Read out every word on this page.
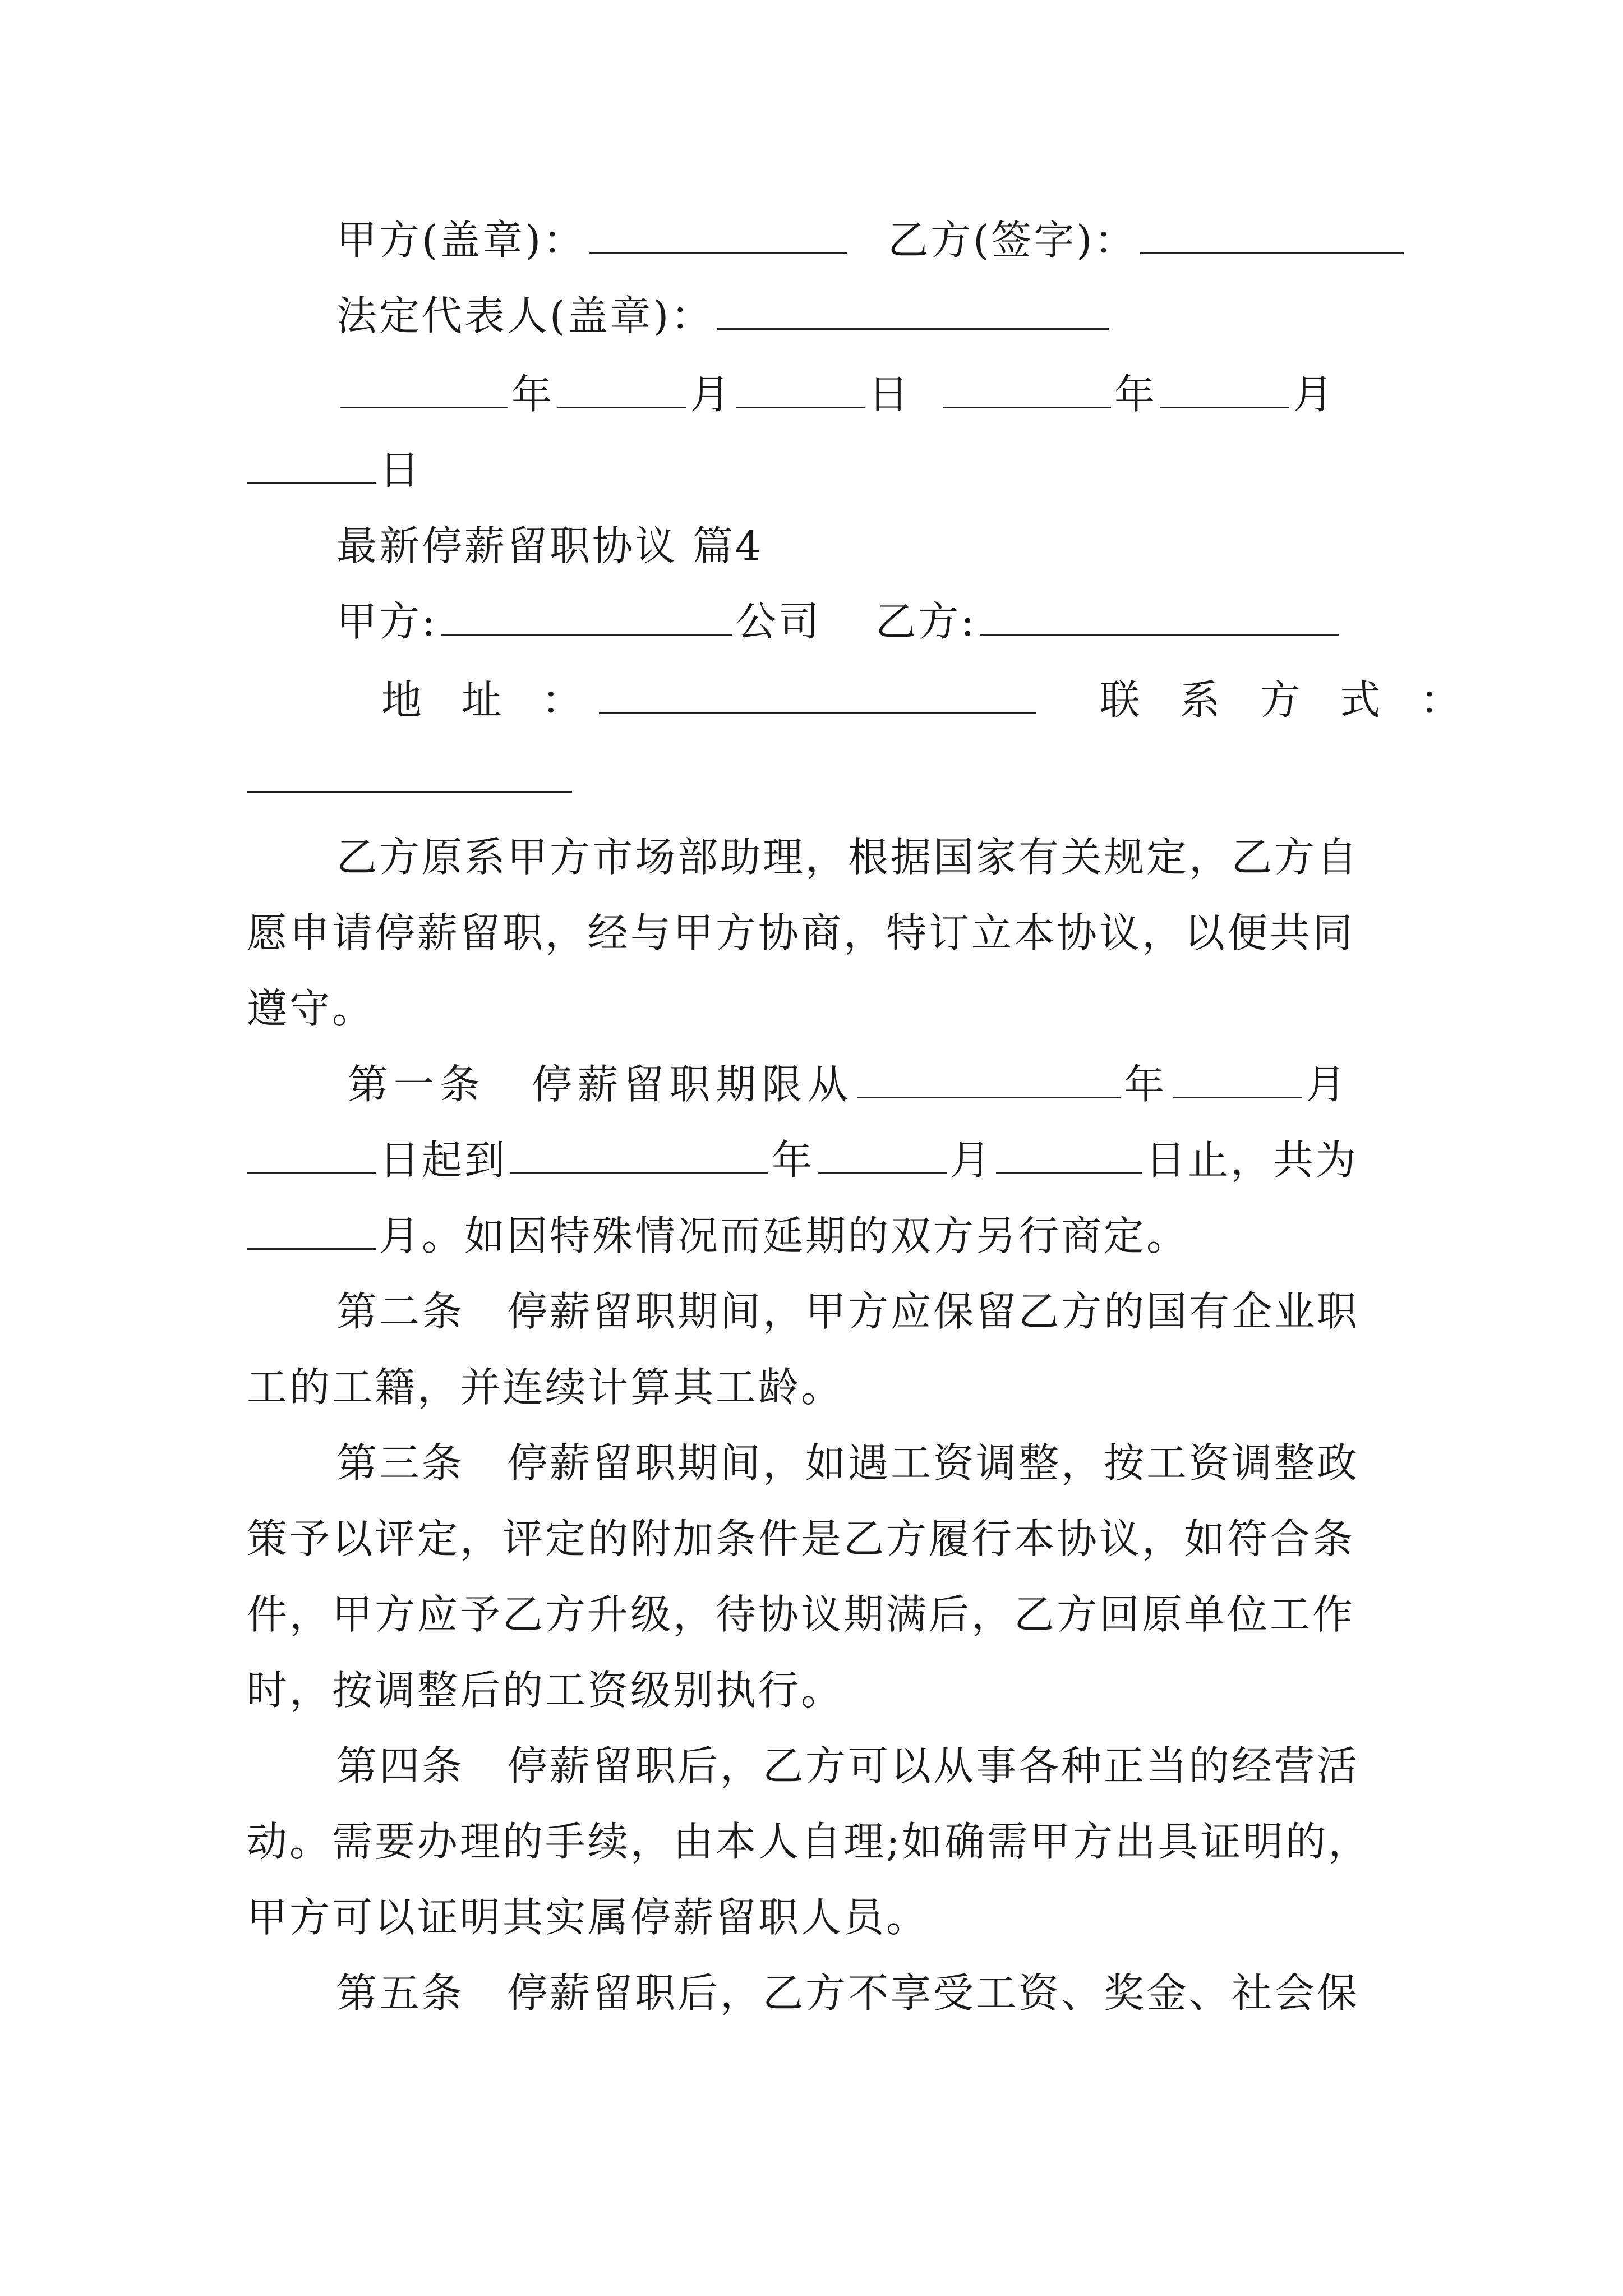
甲方(盖章)：	乙方(签字)：
法定代表人(盖章)：
年	月	日	年	月
日
最新停薪留职协议 篇4
甲方:	公司 乙方:
地 址 ：	联 系 方 式 ：
乙方原系甲方市场部助理，根据国家有关规定，乙方自
愿申请停薪留职，经与甲方协商，特订立本协议，以便共同
遵守。
第一条　停薪留职期限从	年	月
日起到	年	月	日止，共为
月。如因特殊情况而延期的双方另行商定。
第二条　停薪留职期间，甲方应保留乙方的国有企业职
工的工籍，并连续计算其工龄。
第三条　停薪留职期间，如遇工资调整，按工资调整政
策予以评定，评定的附加条件是乙方履行本协议，如符合条
件，甲方应予乙方升级，待协议期满后，乙方回原单位工作
时，按调整后的工资级别执行。
第四条　停薪留职后，乙方可以从事各种正当的经营活
动。需要办理的手续，由本人自理;如确需甲方出具证明的，
甲方可以证明其实属停薪留职人员。
第五条　停薪留职后，乙方不享受工资、奖金、社会保
